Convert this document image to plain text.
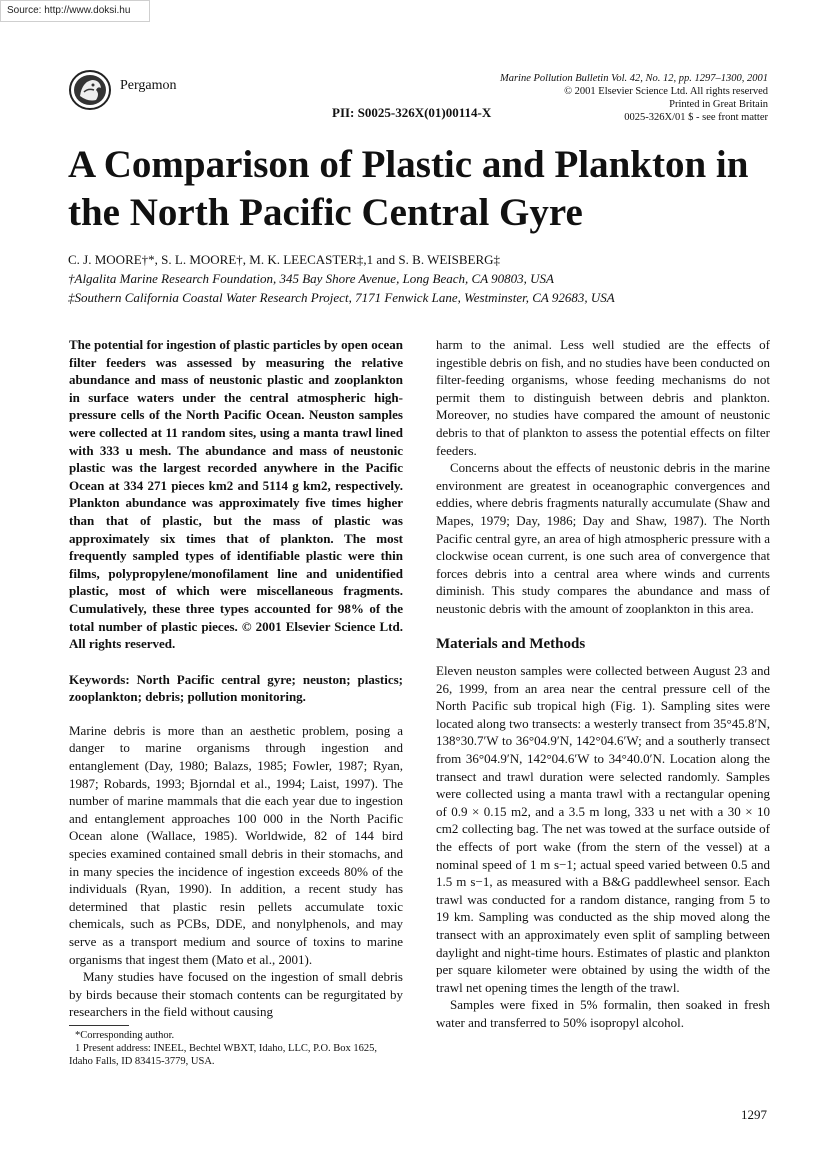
Source: http://www.doksi.hu
Pergamon	Marine Pollution Bulletin Vol. 42, No. 12, pp. 1297–1300, 2001
© 2001 Elsevier Science Ltd. All rights reserved
Printed in Great Britain
0025-326X/01 $ - see front matter
PII: S0025-326X(01)00114-X
A Comparison of Plastic and Plankton in the North Pacific Central Gyre
C. J. MOORE†*, S. L. MOORE†, M. K. LEECASTER‡,1 and S. B. WEISBERG‡
†Algalita Marine Research Foundation, 345 Bay Shore Avenue, Long Beach, CA 90803, USA
‡Southern California Coastal Water Research Project, 7171 Fenwick Lane, Westminster, CA 92683, USA

The potential for ingestion of plastic particles by open ocean filter feeders was assessed by measuring the relative abundance and mass of neustonic plastic and zooplankton in surface waters under the central atmospheric high-pressure cells of the North Pacific Ocean. Neuston samples were collected at 11 random sites, using a manta trawl lined with 333 u mesh. The abundance and mass of neustonic plastic was the largest recorded anywhere in the Pacific Ocean at 334 271 pieces km2 and 5114 g km2, respectively. Plankton abundance was approximately five times higher than that of plastic, but the mass of plastic was approximately six times that of plankton. The most frequently sampled types of identifiable plastic were thin films, polypropylene/monofilament line and unidentified plastic, most of which were miscellaneous fragments. Cumulatively, these three types accounted for 98% of the total number of plastic pieces. © 2001 Elsevier Science Ltd. All rights reserved.

Keywords: North Pacific central gyre; neuston; plastics; zooplankton; debris; pollution monitoring.

Marine debris is more than an aesthetic problem, posing a danger to marine organisms through ingestion and entanglement (Day, 1980; Balazs, 1985; Fowler, 1987; Ryan, 1987; Robards, 1993; Bjorndal et al., 1994; Laist, 1997). The number of marine mammals that die each year due to ingestion and entanglement approaches 100 000 in the North Pacific Ocean alone (Wallace, 1985). Worldwide, 82 of 144 bird species examined contained small debris in their stomachs, and in many species the incidence of ingestion exceeds 80% of the individuals (Ryan, 1990). In addition, a recent study has determined that plastic resin pellets accumulate toxic chemicals, such as PCBs, DDE, and nonylphenols, and may serve as a transport medium and source of toxins to marine organisms that ingest them (Mato et al., 2001).

Many studies have focused on the ingestion of small debris by birds because their stomach contents can be regurgitated by researchers in the field without causing

harm to the animal. Less well studied are the effects of ingestible debris on fish, and no studies have been conducted on filter-feeding organisms, whose feeding mechanisms do not permit them to distinguish between debris and plankton. Moreover, no studies have compared the amount of neustonic debris to that of plankton to assess the potential effects on filter feeders.

Concerns about the effects of neustonic debris in the marine environment are greatest in oceanographic convergences and eddies, where debris fragments naturally accumulate (Shaw and Mapes, 1979; Day, 1986; Day and Shaw, 1987). The North Pacific central gyre, an area of high atmospheric pressure with a clockwise ocean current, is one such area of convergence that forces debris into a central area where winds and currents diminish. This study compares the abundance and mass of neustonic debris with the amount of zooplankton in this area.

Materials and Methods

Eleven neuston samples were collected between August 23 and 26, 1999, from an area near the central pressure cell of the North Pacific sub tropical high (Fig. 1). Sampling sites were located along two transects: a westerly transect from 35°45.8′N, 138°30.7′W to 36°04.9′N, 142°04.6′W; and a southerly transect from 36°04.9′N, 142°04.6′W to 34°40.0′N. Location along the transect and trawl duration were selected randomly. Samples were collected using a manta trawl with a rectangular opening of 0.9 × 0.15 m2, and a 3.5 m long, 333 u net with a 30 × 10 cm2 collecting bag. The net was towed at the surface outside of the effects of port wake (from the stern of the vessel) at a nominal speed of 1 m s−1; actual speed varied between 0.5 and 1.5 m s−1, as measured with a B&G paddlewheel sensor. Each trawl was conducted for a random distance, ranging from 5 to 19 km. Sampling was conducted as the ship moved along the transect with an approximately even split of sampling between daylight and night-time hours. Estimates of plastic and plankton per square kilometer were obtained by using the width of the trawl net opening times the length of the trawl.

Samples were fixed in 5% formalin, then soaked in fresh water and transferred to 50% isopropyl alcohol.

*Corresponding author.
1 Present address: INEEL, Bechtel WBXT, Idaho, LLC, P.O. Box 1625, Idaho Falls, ID 83415-3779, USA.
1297
